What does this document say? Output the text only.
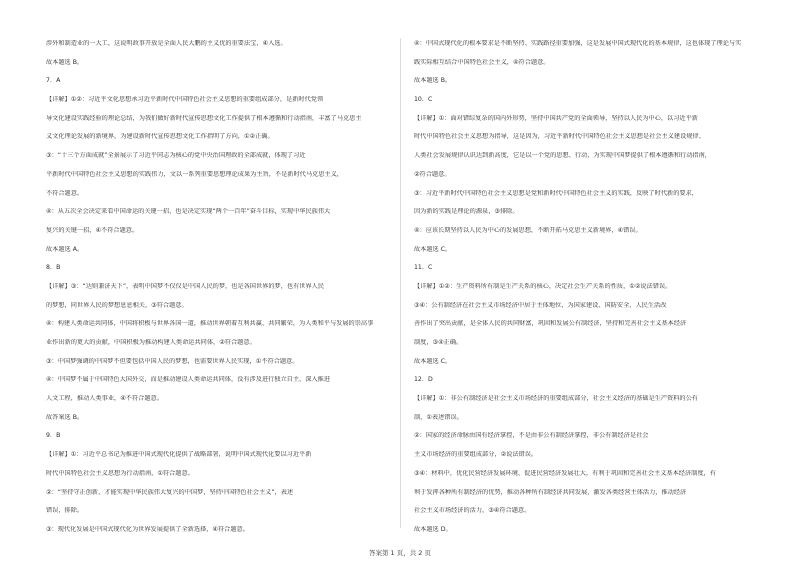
涉外和制造业的一大工，这说明政事开放是全面人民大鹏的主义优的重要法宝，④入选。
故本题选 B。
7．A
【详解】①②：习近平文化思想承习近平新时代中国特色社会主义思想的重要组成部分，是新时代党领
导文化建设实践经验的理论总结，为我们做好新时代宣传思想文化工作提供了根本遵循和行动指南，丰富了马克思主
义文化理论发展的新境界，为建设新时代宣传思想文化工作指明了方向，①②正确。
③：“十三个方面成就”全景展示了习近平同志为核心的党中央治国理政的全部成就，体现了习近
平新时代中国特色社会主义思想的实践伟力，文以一系列重要思想理论成果为主旨，不是新时代马克思主义，
不符合题意。
④：从五次全会决定来看中国命运的关键一招，也是决定实现“两个一百年”奋斗目标，实现中华民族伟大
复兴的关键一招，④不符合题意。
故本题选 A。
8．B
【详解】③：“达则兼济天下”，表明中国梦不仅仅是中国人民的梦，也是各国世界的梦，也有世界人民
的梦想，同世界人民的梦想息息相关，③符合题意。
④：构建人类命运共同体，中国将积极与世界各国一道，推动世界朝着互利共赢、共同繁荣，为人类和平与发展的崇高事
业作出新的更大的贡献，中国积极为推动构建人类命运共同体，②符合题意。
③：中国梦强调的中国梦不但要包括中国人民的梦想，也需要世界人民实现，①不符合题意。
④：中国梦不属于中国特色大国外交，而是推动建设人类命运共同体，没有涉及进行独立自主、深入推进
人文工程，推动人类事业，④不符合题意。
故答案选 B。
9．B
【详解】①：习近平总书记为推进中国式现代化提供了战略部署，说明中国式现代化要以习近平新
时代中国特色社会主义思想为行动指南，①符合题意。
②：“坚持守正创新，才能实现中华民族伟大复兴的中国梦，坚持中国特色社会主义”，表述
错误，排除。
③：现代化发展是中国式现代化为世界发展提供了全新选择，④符合题意。
④：中国式现代化的根本要求是不断坚持、实践路径重要加强，这是发展中国式现代化的基本规律，这也体现了理论与实
践实际相互结合中国特色社会主义，④符合题意。
故本题选 B。
10．C
【详解】①：面对错综复杂的国内外形势，坚持中国共产党的全面领导，坚持以人民为中心，以习近平新
时代中国特色社会主义思想为指导，这是因为，习近平新时代中国特色社会主义思想是社会主义建设规律、
人类社会发展规律认识达到新高度，它是以一个党的思想、行动，为实现中国梦提供了根本遵循和行动指南，
②符合题意。
③：习近平新时代中国特色社会主义思想是党和新时代中国特色社会主义的实践，反映了时代新的要求，
因为新的实践是理论的源泉，③排除。
④：应该长期坚持以人民为中心的发展思想，不断开拓马克思主义新境界，④错误。
故本题选 C。
11．C
【详解】①②：生产资料所有制是生产关系的核心，决定社会生产关系的性质，①②说法错误。
③④：公有制经济在社会主义市场经济中居于主体地位，为国家建设、国防安全、人民生活改
善作出了突出贡献，是全体人民的共同财富，巩固和发展公有制经济，坚持和完善社会主义基本经济
制度，③④正确。
故本题选 C。
12．D
【详解】①：非公有制经济是社会主义市场经济的重要组成部分，社会主义经济的基础是生产资料的公有
制，①表述错误。
②：国家的经济命脉由国有经济掌控，不是由非公有制经济掌控，非公有制经济是社会
主义市场经济的重要组成部分，②说法错误。
③④：材料中，优化民营经济发展环境、促进民营经济发展壮大，有利于巩固和完善社会主义基本经济制度，有
利于发挥各种所有制经济的优势，推动各种所有制经济共同发展，激发各类经营主体活力，推动经济
社会主义市场经济的活力，③④符合题意。
故本题选 D。
答案第 1 页，共 2 页
